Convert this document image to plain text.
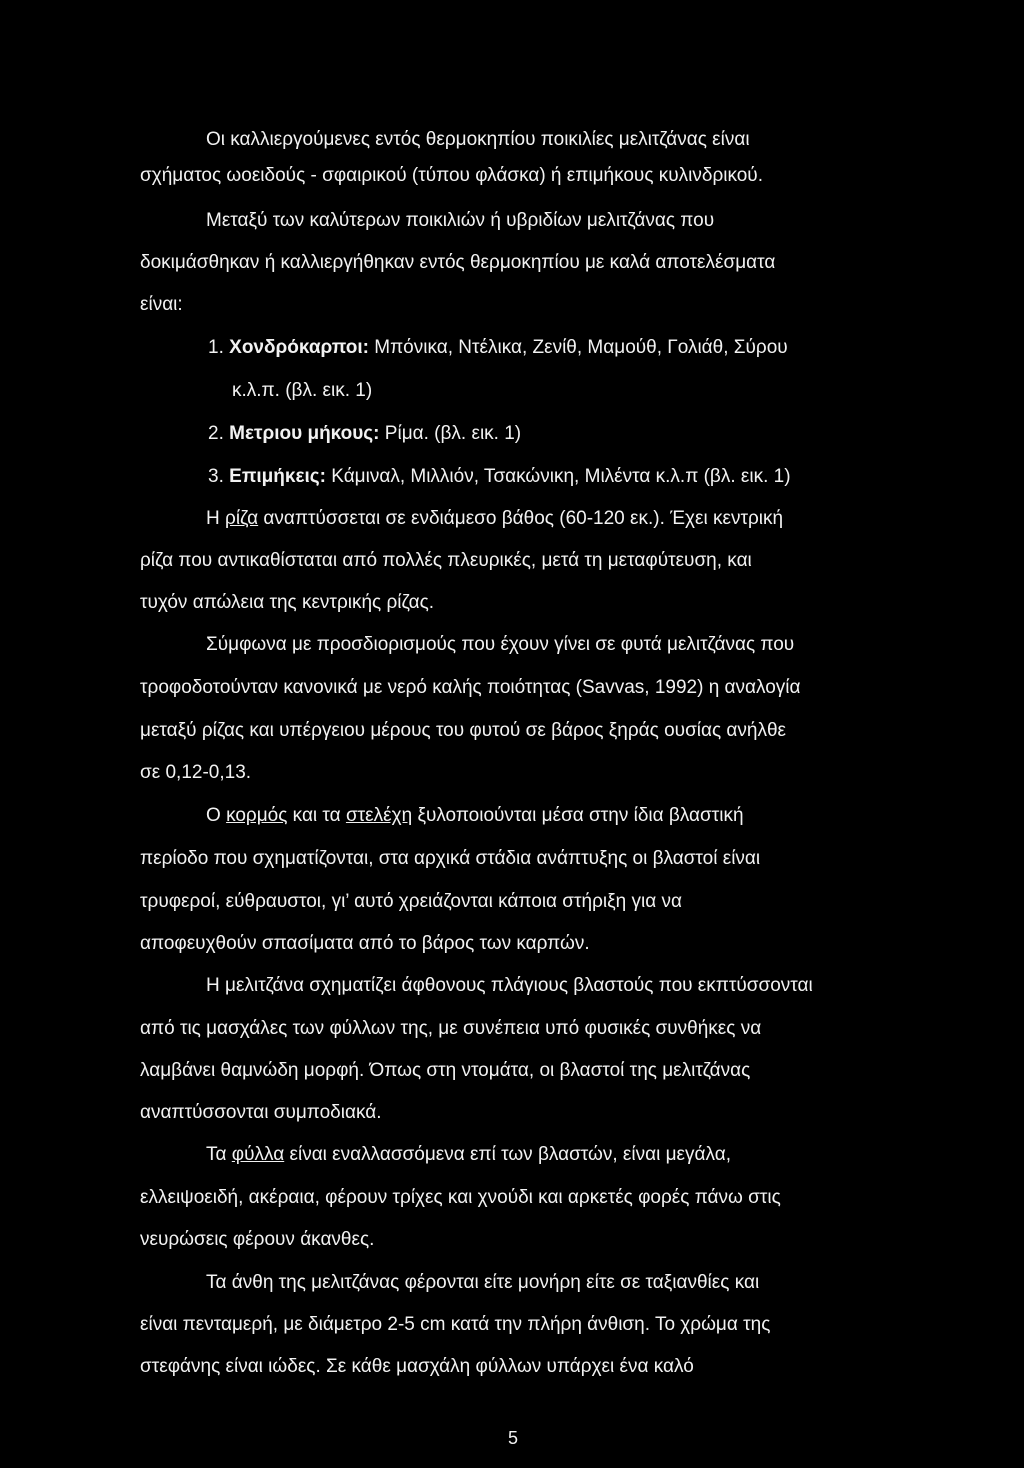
Οι καλλιεργούμενες εντός θερμοκηπίου ποικιλίες μελιτζάνας είναι
σχήματος ωοειδούς - σφαιρικού (τύπου φλάσκα) ή επιμήκους κυλινδρικού.
Μεταξύ των καλύτερων ποικιλιών ή υβριδίων μελιτζάνας που
δοκιμάσθηκαν ή καλλιεργήθηκαν εντός θερμοκηπίου με καλά αποτελέσματα
είναι:
1. Χονδρόκαρποι: Μπόνικα, Ντέλικα, Ζενίθ, Μαμούθ, Γολιάθ, Σύρου
κ.λ.π. (βλ. εικ. 1)
2. Μετριου μήκους: Ρίμα. (βλ. εικ. 1)
3. Επιμήκεις: Κάμιναλ, Μιλλιόν, Τσακώνικη, Μιλέντα κ.λ.π (βλ. εικ. 1)
Η ρίζα αναπτύσσεται σε ενδιάμεσο βάθος (60-120 εκ.). Έχει κεντρική
ρίζα που αντικαθίσταται από πολλές πλευρικές, μετά τη μεταφύτευση, και
τυχόν απώλεια της κεντρικής ρίζας.
Σύμφωνα με προσδιορισμούς που έχουν γίνει σε φυτά μελιτζάνας που
τροφοδοτούνταν κανονικά με νερό καλής ποιότητας (Savvas, 1992) η αναλογία
μεταξύ ρίζας και υπέργειου μέρους του φυτού σε βάρος ξηράς ουσίας ανήλθε
σε 0,12-0,13.
Ο κορμός και τα στελέχη ξυλοποιούνται μέσα στην ίδια βλαστική
περίοδο που σχηματίζονται, στα αρχικά στάδια ανάπτυξης οι βλαστοί είναι
τρυφεροί, εύθραυστοι, γι’ αυτό χρειάζονται κάποια στήριξη για να
αποφευχθούν σπασίματα από το βάρος των καρπών.
Η μελιτζάνα σχηματίζει άφθονους πλάγιους βλαστούς που εκπτύσσονται
από τις μασχάλες των φύλλων της, με συνέπεια υπό φυσικές συνθήκες να
λαμβάνει θαμνώδη μορφή. Όπως στη ντομάτα, οι βλαστοί της μελιτζάνας
αναπτύσσονται συμποδιακά.
Τα φύλλα είναι εναλλασσόμενα επί των βλαστών, είναι μεγάλα,
ελλειψοειδή, ακέραια, φέρουν τρίχες και χνούδι και αρκετές φορές πάνω στις
νευρώσεις φέρουν άκανθες.
Τα άνθη της μελιτζάνας φέρονται είτε μονήρη είτε σε ταξιανθίες και
είναι πενταμερή, με διάμετρο 2-5 cm κατά την πλήρη άνθιση. Το χρώμα της
στεφάνης είναι ιώδες. Σε κάθε μασχάλη φύλλων υπάρχει ένα καλό
5
